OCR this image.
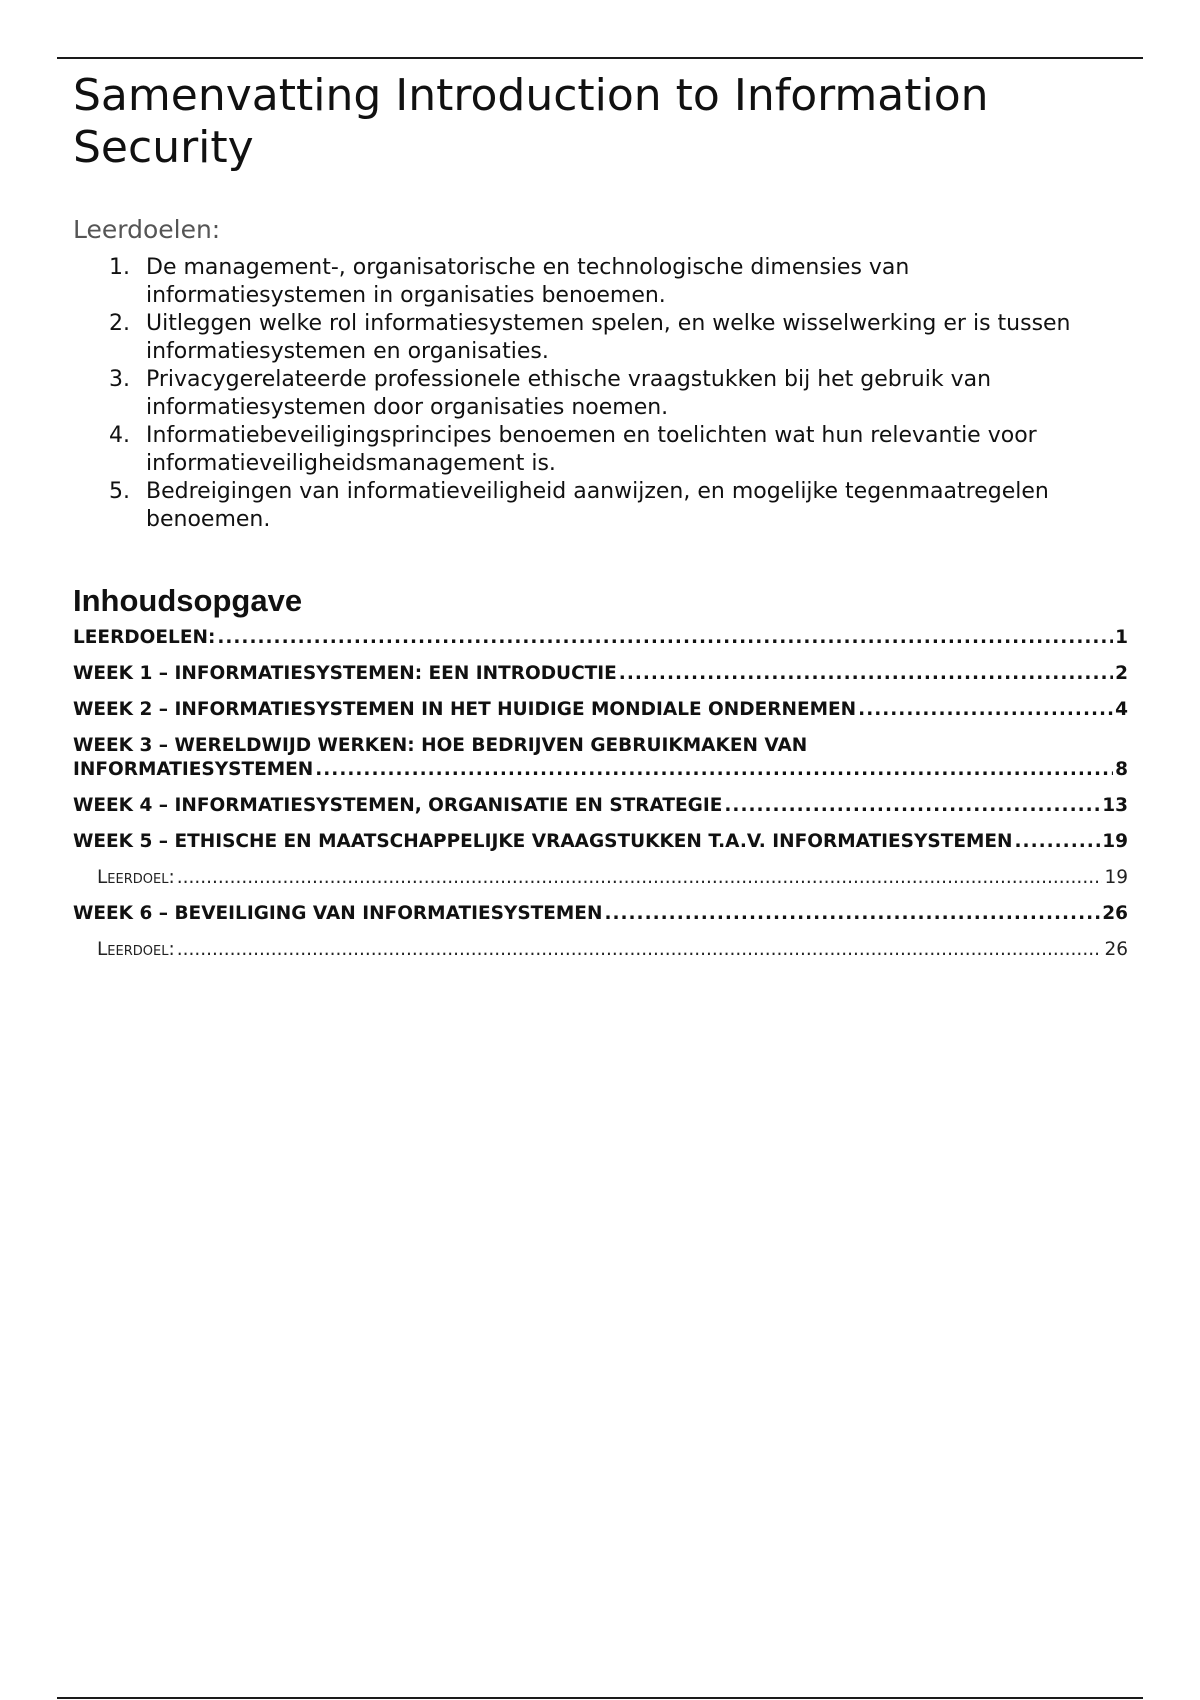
Samenvatting Introduction to Information Security
Leerdoelen:
1. De management-, organisatorische en technologische dimensies van informatiesystemen in organisaties benoemen.
2. Uitleggen welke rol informatiesystemen spelen, en welke wisselwerking er is tussen informatiesystemen en organisaties.
3. Privacygerelateerde professionele ethische vraagstukken bij het gebruik van informatiesystemen door organisaties noemen.
4. Informatiebeveiligingsprincipes benoemen en toelichten wat hun relevantie voor informatieveiligheidsmanagement is.
5. Bedreigingen van informatieveiligheid aanwijzen, en mogelijke tegenmaatregelen benoemen.
Inhoudsopgave
LEERDOELEN: .....	1
WEEK 1 – INFORMATIESYSTEMEN: EEN INTRODUCTIE .....	2
WEEK 2 – INFORMATIESYSTEMEN IN HET HUIDIGE MONDIALE ONDERNEMEN .....	4
WEEK 3 – WERELDWIJD WERKEN: HOE BEDRIJVEN GEBRUIKMAKEN VAN
INFORMATIESYSTEMEN .....	8
WEEK 4 – INFORMATIESYSTEMEN, ORGANISATIE EN STRATEGIE .....	13
WEEK 5 – ETHISCHE EN MAATSCHAPPELIJKE VRAAGSTUKKEN T.A.V. INFORMATIESYSTEMEN .....	19
Leerdoel: .....	19
WEEK 6 – BEVEILIGING VAN INFORMATIESYSTEMEN .....	26
Leerdoel: .....	26
